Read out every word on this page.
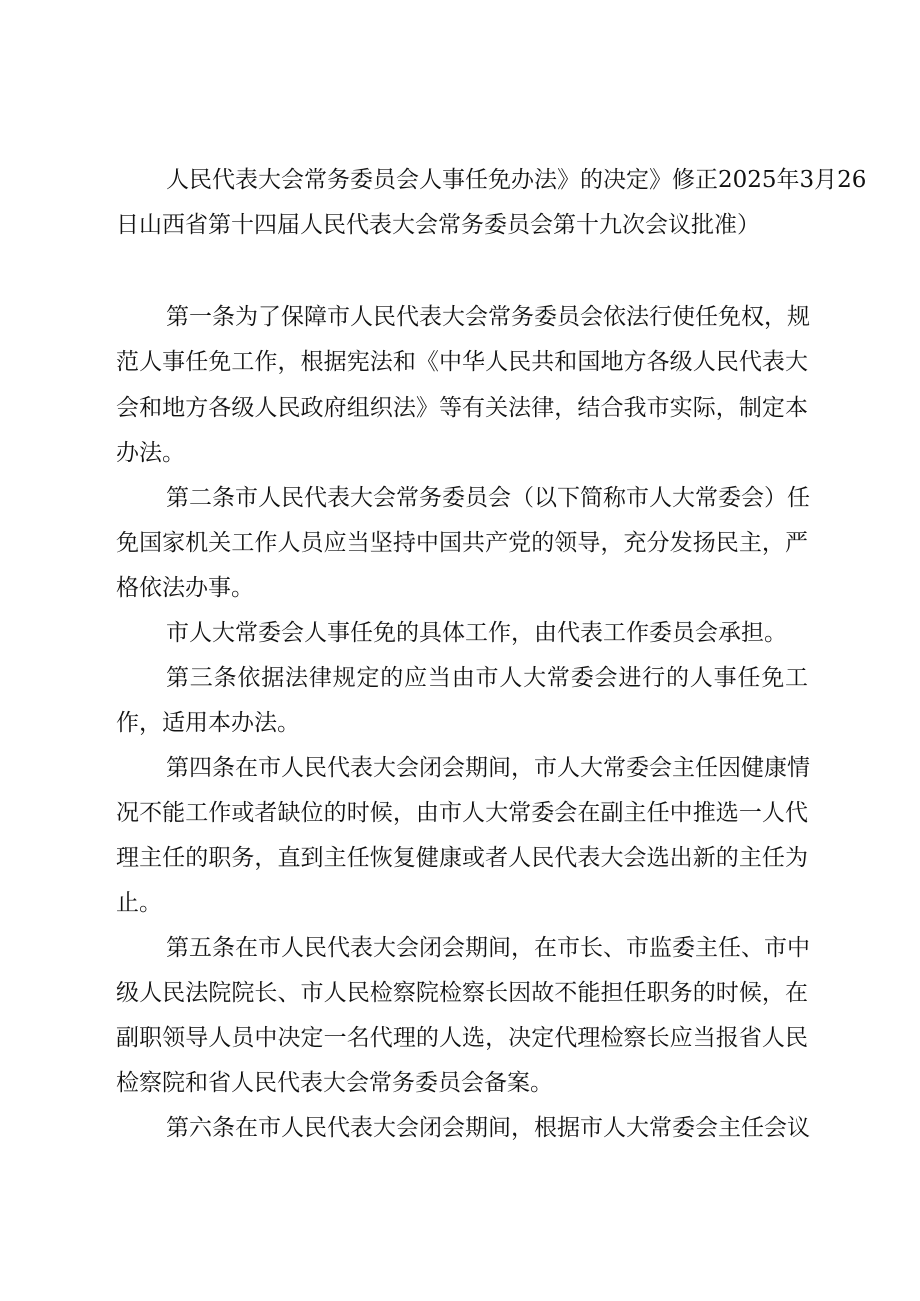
人民代表大会常务委员会人事任免办法》的决定》修正2025年3月26
日山西省第十四届人民代表大会常务委员会第十九次会议批准）
第一条为了保障市人民代表大会常务委员会依法行使任免权，规
范人事任免工作，根据宪法和《中华人民共和国地方各级人民代表大
会和地方各级人民政府组织法》等有关法律，结合我市实际，制定本
办法。
第二条市人民代表大会常务委员会（以下简称市人大常委会）任
免国家机关工作人员应当坚持中国共产党的领导，充分发扬民主，严
格依法办事。
市人大常委会人事任免的具体工作，由代表工作委员会承担。
第三条依据法律规定的应当由市人大常委会进行的人事任免工
作，适用本办法。
第四条在市人民代表大会闭会期间，市人大常委会主任因健康情
况不能工作或者缺位的时候，由市人大常委会在副主任中推选一人代
理主任的职务，直到主任恢复健康或者人民代表大会选出新的主任为
止。
第五条在市人民代表大会闭会期间，在市长、市监委主任、市中
级人民法院院长、市人民检察院检察长因故不能担任职务的时候，在
副职领导人员中决定一名代理的人选，决定代理检察长应当报省人民
检察院和省人民代表大会常务委员会备案。
第六条在市人民代表大会闭会期间，根据市人大常委会主任会议
